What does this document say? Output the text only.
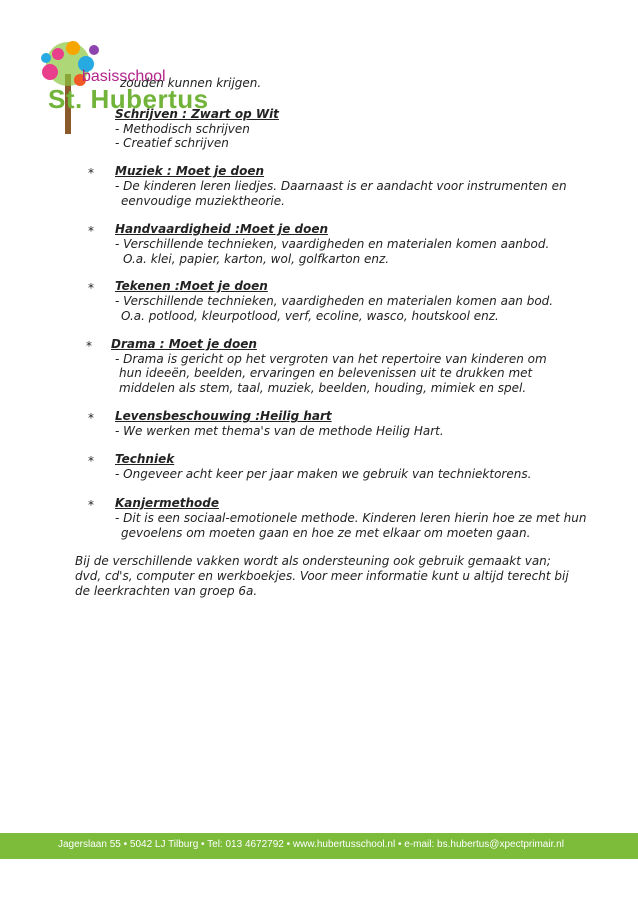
basisschool
St. Hubertus
zouden kunnen krijgen.
Schrijven : Zwart op Wit
- Methodisch schrijven
- Creatief schrijven
* Muziek : Moet je doen
- De kinderen leren liedjes. Daarnaast is er aandacht voor instrumenten en
eenvoudige muziektheorie.
* Handvaardigheid :Moet je doen
- Verschillende technieken, vaardigheden en materialen komen aanbod.
O.a. klei, papier, karton, wol, golfkarton enz.
* Tekenen :Moet je doen
- Verschillende technieken, vaardigheden en materialen komen aan bod.
O.a. potlood, kleurpotlood, verf, ecoline, wasco, houtskool enz.
* Drama : Moet je doen
- Drama is gericht op het vergroten van het repertoire van kinderen om
hun ideeën, beelden, ervaringen en belevenissen uit te drukken met
middelen als stem, taal, muziek, beelden, houding, mimiek en spel.
* Levensbeschouwing :Heilig hart
- We werken met thema's van de methode Heilig Hart.
* Techniek
- Ongeveer acht keer per jaar maken we gebruik van techniektorens.
* Kanjermethode
- Dit is een sociaal-emotionele methode. Kinderen leren hierin hoe ze met hun
gevoelens om moeten gaan en hoe ze met elkaar om moeten gaan.
Bij de verschillende vakken wordt als ondersteuning ook gebruik gemaakt van; dvd, cd's, computer en werkboekjes. Voor meer informatie kunt u altijd terecht bij de leerkrachten van groep 6a.
Jagerslaan 55 • 5042 LJ Tilburg • Tel: 013 4672792 • www.hubertusschool.nl • e-mail: bs.hubertus@xpectprimair.nl
